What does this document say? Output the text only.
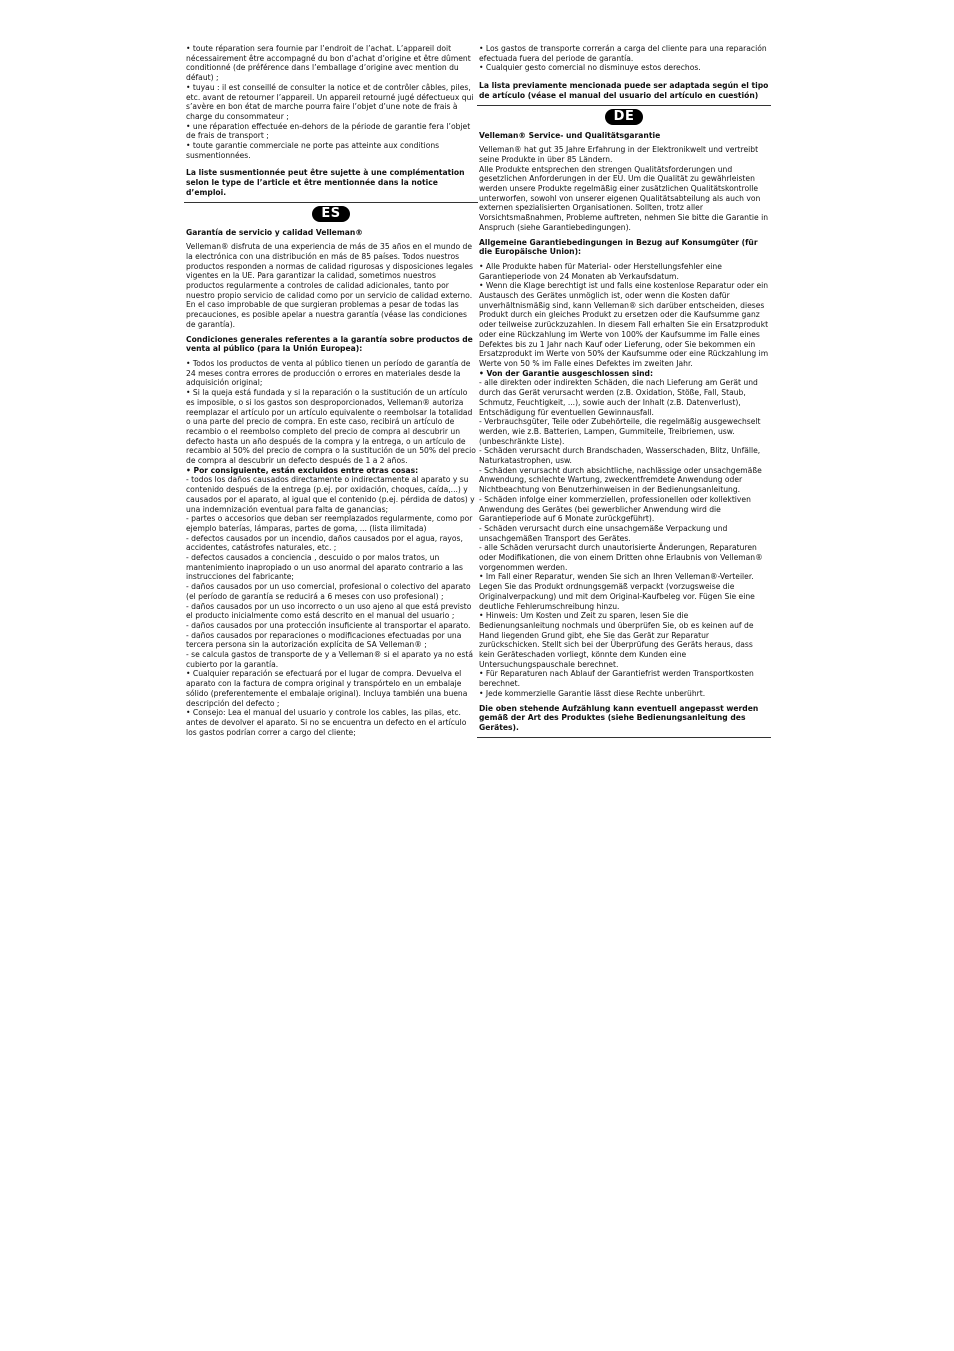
• toute réparation sera fournie par l’endroit de l’achat. L’appareil doit nécessairement être accompagné du bon d’achat d’origine et être dûment conditionné (de préférence dans l’emballage d’origine avec mention du défaut) ;

• tuyau : il est conseillé de consulter la notice et de contrôler câbles, piles, etc. avant de retourner l’appareil. Un appareil retourné jugé défectueux qui s’avère en bon état de marche pourra faire l’objet d’une note de frais à charge du consommateur ;

• une réparation effectuée en-dehors de la période de garantie fera l’objet de frais de transport ;

• toute garantie commerciale ne porte pas atteinte aux conditions susmentionnées.

La liste susmentionnée peut être sujette à une complémentation selon le type de l’article et être mentionnée dans la notice d’emploi.

ES

Garantía de servicio y calidad Velleman®

Velleman® disfruta de una experiencia de más de 35 años en el mundo de la electrónica con una distribución en más de 85 países. Todos nuestros productos responden a normas de calidad rigurosas y disposiciones legales vigentes en la UE. Para garantizar la calidad, sometimos nuestros productos regularmente a controles de calidad adicionales, tanto por nuestro propio servicio de calidad como por un servicio de calidad externo. En el caso improbable de que surgieran problemas a pesar de todas las precauciones, es posible apelar a nuestra garantía (véase las condiciones de garantía).

Condiciones generales referentes a la garantía sobre productos de venta al público (para la Unión Europea):

• Todos los productos de venta al público tienen un período de garantía de 24 meses contra errores de producción o errores en materiales desde la adquisición original;

• Si la queja está fundada y si la reparación o la sustitución de un artículo es imposible, o si los gastos son desproporcionados, Velleman® autoriza reemplazar el artículo por un artículo equivalente o reembolsar la totalidad o una parte del precio de compra. En este caso, recibirá un artículo de recambio o el reembolso completo del precio de compra al descubrir un defecto hasta un año después de la compra y la entrega, o un artículo de recambio al 50% del precio de compra o la sustitución de un 50% del precio de compra al descubrir un defecto después de 1 a 2 años.

• Por consiguiente, están excluidos entre otras cosas:

- todos los daños causados directamente o indirectamente al aparato y su contenido después de la entrega (p.ej. por oxidación, choques, caída,...) y causados por el aparato, al igual que el contenido (p.ej. pérdida de datos) y una indemnización eventual para falta de ganancias;

- partes o accesorios que deban ser reemplazados regularmente, como por ejemplo baterías, lámparas, partes de goma, ... (lista ilimitada)

- defectos causados por un incendio, daños causados por el agua, rayos, accidentes, catástrofes naturales, etc. ;

- defectos causados a conciencia , descuido o por malos tratos, un mantenimiento inapropiado o un uso anormal del aparato contrario a las instrucciones del fabricante;

- daños causados por un uso comercial, profesional o colectivo del aparato (el período de garantía se reducirá a 6 meses con uso profesional) ;

- daños causados por un uso incorrecto o un uso ajeno al que está previsto el producto inicialmente como está descrito en el manual del usuario ;

- daños causados por una protección insuficiente al transportar el aparato.

- daños causados por reparaciones o modificaciones efectuadas por una tercera persona sin la autorización explícita de SA Velleman® ;

- se calcula gastos de transporte de y a Velleman® si el aparato ya no está cubierto por la garantía.

• Cualquier reparación se efectuará por el lugar de compra. Devuelva el aparato con la factura de compra original y transpórtelo en un embalaje sólido (preferentemente el embalaje original). Incluya también una buena descripción del defecto ;

• Consejo: Lea el manual del usuario y controle los cables, las pilas, etc. antes de devolver el aparato. Si no se encuentra un defecto en el artículo los gastos podrían correr a cargo del cliente;

• Los gastos de transporte correrán a carga del cliente para una reparación efectuada fuera del periode de garantía.

• Cualquier gesto comercial no disminuye estos derechos.

La lista previamente mencionada puede ser adaptada según el tipo de artículo (véase el manual del usuario del artículo en cuestión)

DE

Velleman® Service- und Qualitätsgarantie

Velleman® hat gut 35 Jahre Erfahrung in der Elektronikwelt und vertreibt seine Produkte in über 85 Ländern.
Alle Produkte entsprechen den strengen Qualitätsforderungen und gesetzlichen Anforderungen in der EU. Um die Qualität zu gewährleisten werden unsere Produkte regelmäßig einer zusätzlichen Qualitätskontrolle unterworfen, sowohl von unserer eigenen Qualitätsabteilung als auch von externen spezialisierten Organisationen. Sollten, trotz aller Vorsichtsmaßnahmen, Probleme auftreten, nehmen Sie bitte die Garantie in Anspruch (siehe Garantiebedingungen).

Allgemeine Garantiebedingungen in Bezug auf Konsumgüter (für die Europäische Union):

• Alle Produkte haben für Material- oder Herstellungsfehler eine Garantieperiode von 24 Monaten ab Verkaufsdatum.

• Wenn die Klage berechtigt ist und falls eine kostenlose Reparatur oder ein Austausch des Gerätes unmöglich ist, oder wenn die Kosten dafür unverhältnismäßig sind, kann Velleman® sich darüber entscheiden, dieses Produkt durch ein gleiches Produkt zu ersetzen oder die Kaufsumme ganz oder teilweise zurückzuzahlen. In diesem Fall erhalten Sie ein Ersatzprodukt oder eine Rückzahlung im Werte von 100% der Kaufsumme im Falle eines Defektes bis zu 1 Jahr nach Kauf oder Lieferung, oder Sie bekommen ein Ersatzprodukt im Werte von 50% der Kaufsumme oder eine Rückzahlung im Werte von 50 % im Falle eines Defektes im zweiten Jahr.

• Von der Garantie ausgeschlossen sind:

- alle direkten oder indirekten Schäden, die nach Lieferung am Gerät und durch das Gerät verursacht werden (z.B. Oxidation, Stöße, Fall, Staub, Schmutz, Feuchtigkeit, ...), sowie auch der Inhalt (z.B. Datenverlust), Entschädigung für eventuellen Gewinnausfall.

- Verbrauchsgüter, Teile oder Zubehörteile, die regelmäßig ausgewechselt werden, wie z.B. Batterien, Lampen, Gummiteile, Treibriemen, usw. (unbeschränkte Liste).

- Schäden verursacht durch Brandschaden, Wasserschaden, Blitz, Unfälle, Naturkatastrophen, usw.

- Schäden verursacht durch absichtliche, nachlässige oder unsachgemäße Anwendung, schlechte Wartung, zweckentfremdete Anwendung oder Nichtbeachtung von Benutzerhinweisen in der Bedienungsanleitung.

- Schäden infolge einer kommerziellen, professionellen oder kollektiven Anwendung des Gerätes (bei gewerblicher Anwendung wird die Garantieperiode auf 6 Monate zurückgeführt).

- Schäden verursacht durch eine unsachgemäße Verpackung und unsachgemäßen Transport des Gerätes.

- alle Schäden verursacht durch unautorisierte Änderungen, Reparaturen oder Modifikationen, die von einem Dritten ohne Erlaubnis von Velleman® vorgenommen werden.

• Im Fall einer Reparatur, wenden Sie sich an Ihren Velleman®-Verteiler. Legen Sie das Produkt ordnungsgemäß verpackt (vorzugsweise die Originalverpackung) und mit dem Original-Kaufbeleg vor. Fügen Sie eine deutliche Fehlerumschreibung hinzu.

• Hinweis: Um Kosten und Zeit zu sparen, lesen Sie die Bedienungsanleitung nochmals und überprüfen Sie, ob es keinen auf de Hand liegenden Grund gibt, ehe Sie das Gerät zur Reparatur zurückschicken. Stellt sich bei der Überprüfung des Geräts heraus, dass kein Geräteschaden vorliegt, könnte dem Kunden eine Untersuchungspauschale berechnet.

• Für Reparaturen nach Ablauf der Garantiefrist werden Transportkosten berechnet.

• Jede kommerzielle Garantie lässt diese Rechte unberührt.

Die oben stehende Aufzählung kann eventuell angepasst werden gemäß der Art des Produktes (siehe Bedienungsanleitung des Gerätes).
